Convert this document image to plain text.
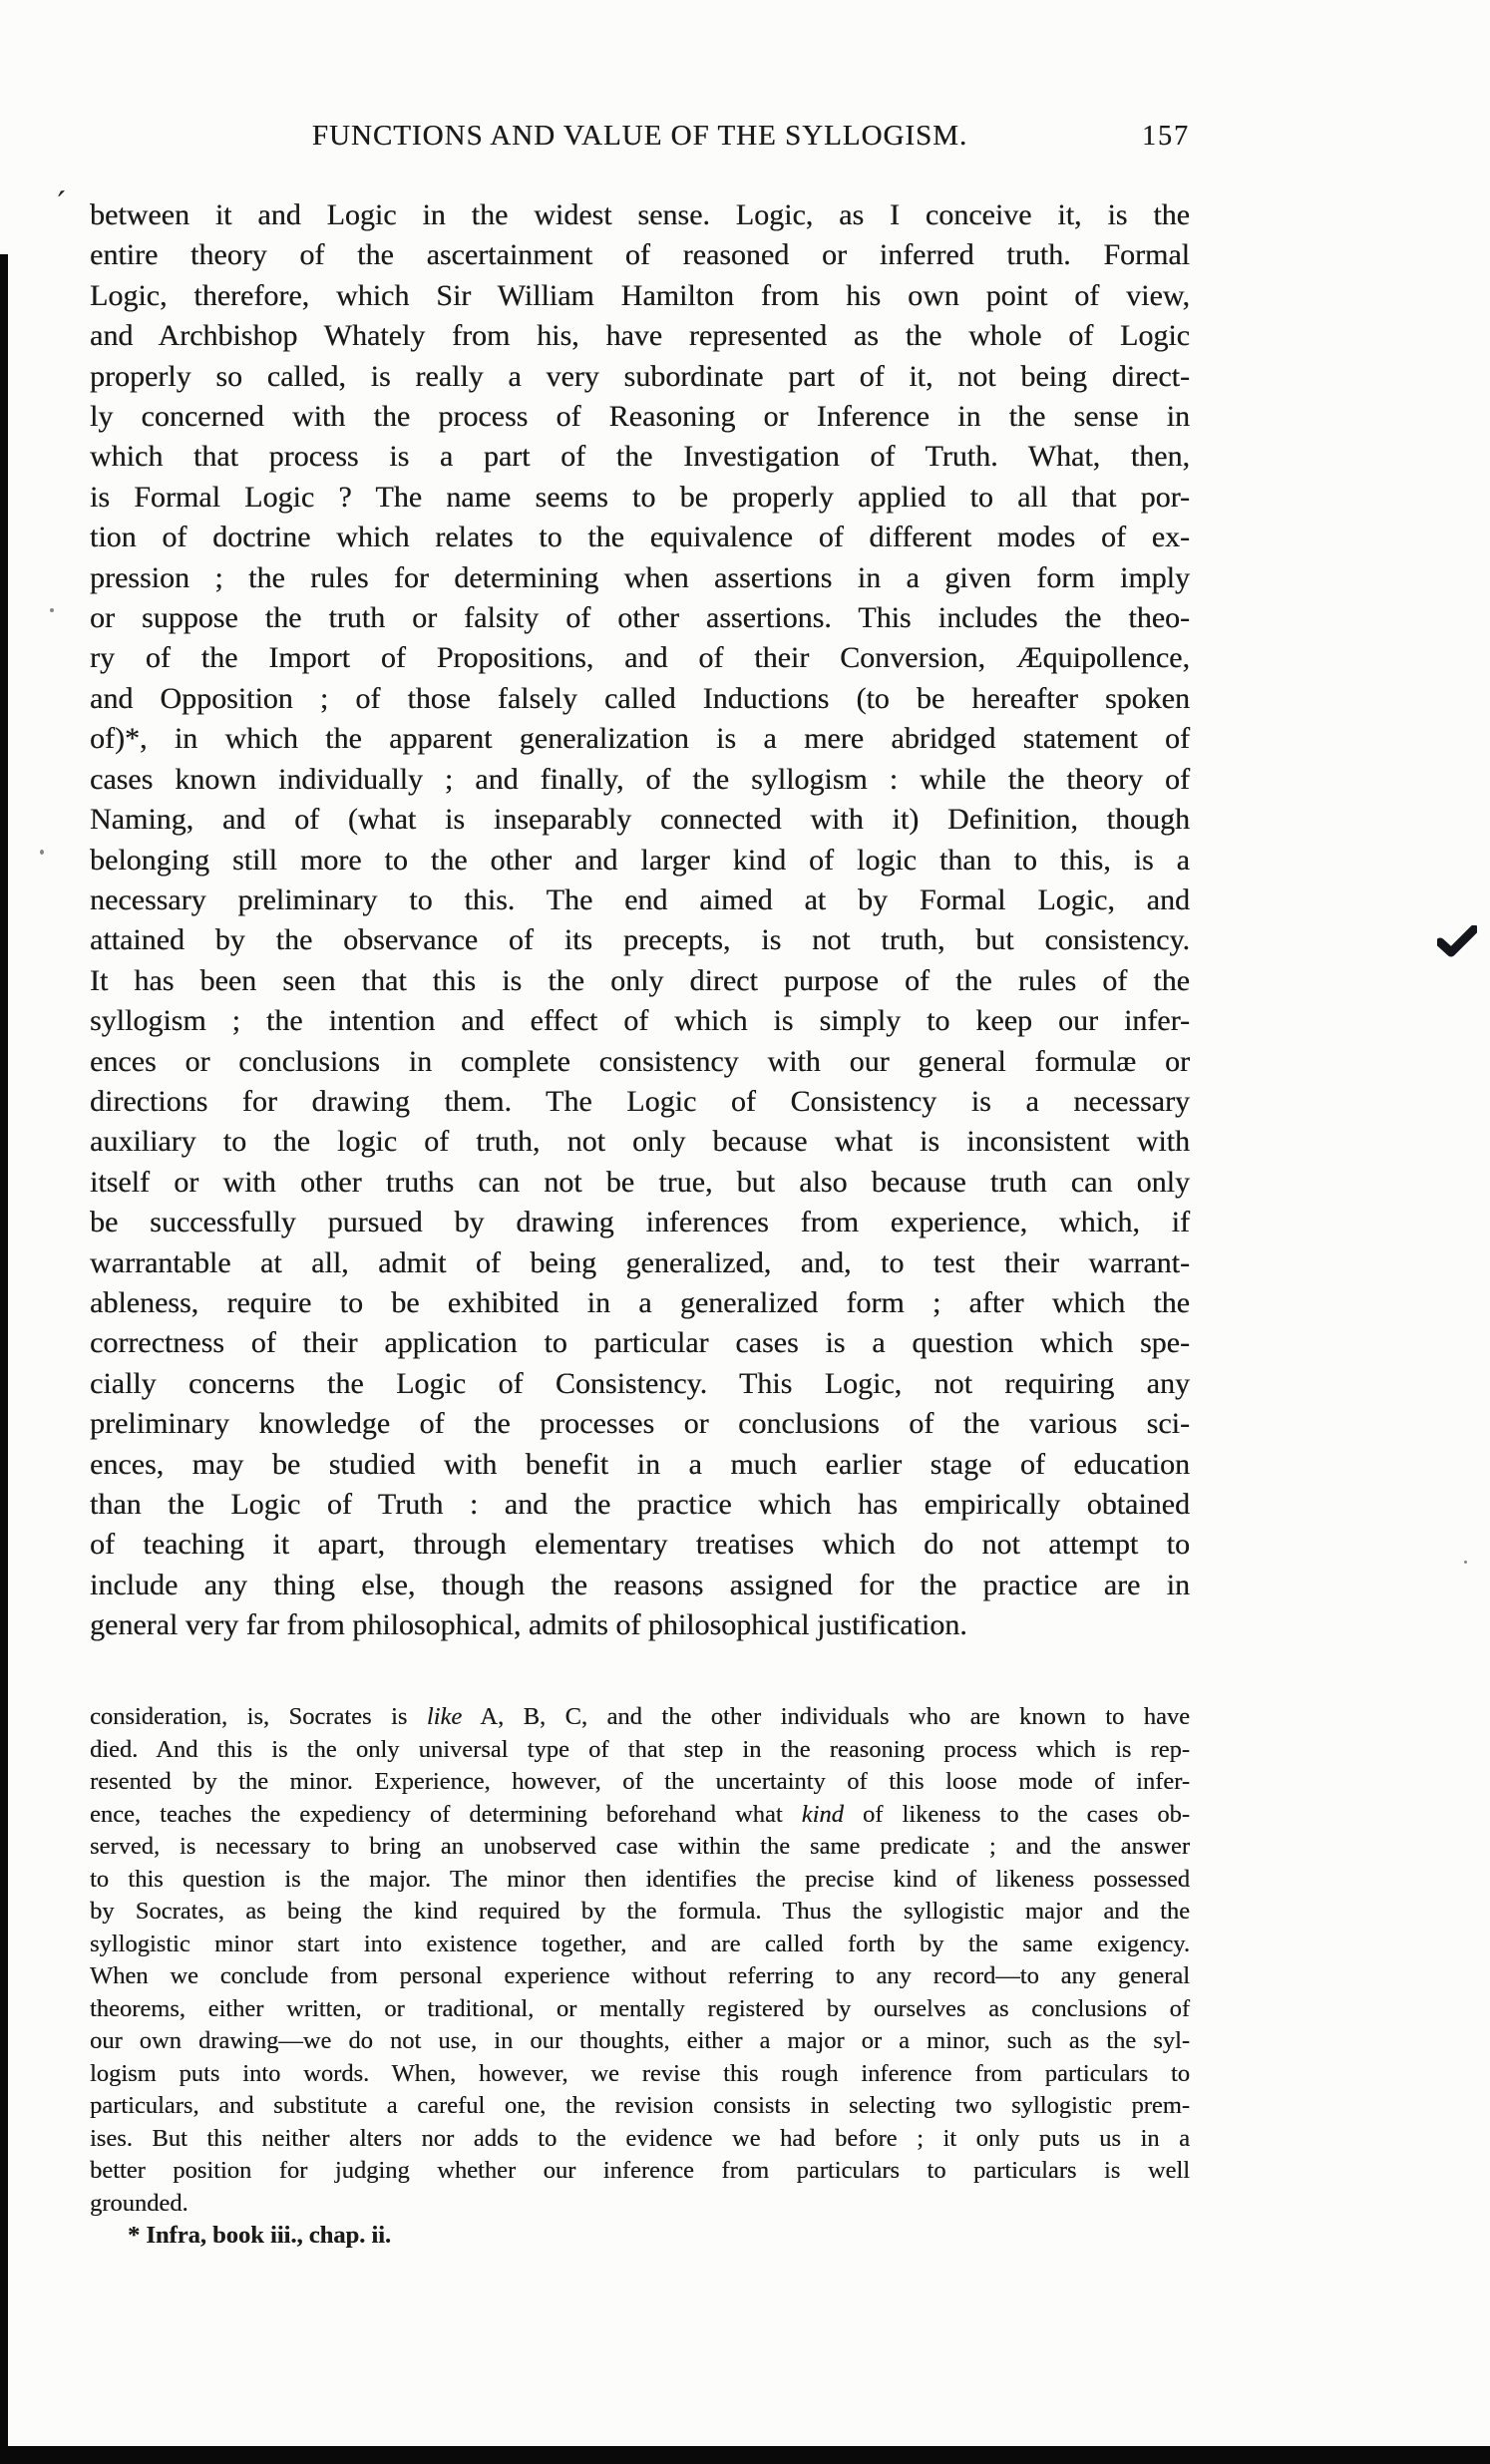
FUNCTIONS AND VALUE OF THE SYLLOGISM.	157
´ between it and Logic in the widest sense. Logic, as I conceive it, is the
entire theory of the ascertainment of reasoned or inferred truth. Formal
Logic, therefore, which Sir William Hamilton from his own point of view,
and Archbishop Whately from his, have represented as the whole of Logic
properly so called, is really a very subordinate part of it, not being direct-
ly concerned with the process of Reasoning or Inference in the sense in
which that process is a part of the Investigation of Truth. What, then,
is Formal Logic ? The name seems to be properly applied to all that por-
tion of doctrine which relates to the equivalence of different modes of ex-
pression ; the rules for determining when assertions in a given form imply
or suppose the truth or falsity of other assertions. This includes the theo-
ry of the Import of Propositions, and of their Conversion, Æquipollence,
and Opposition ; of those falsely called Inductions (to be hereafter spoken
of)*, in which the apparent generalization is a mere abridged statement of
cases known individually ; and finally, of the syllogism : while the theory of
Naming, and of (what is inseparably connected with it) Definition, though
belonging still more to the other and larger kind of logic than to this, is a
necessary preliminary to this. The end aimed at by Formal Logic, and
attained by the observance of its precepts, is not truth, but consistency.
It has been seen that this is the only direct purpose of the rules of the
syllogism ; the intention and effect of which is simply to keep our infer-
ences or conclusions in complete consistency with our general formulæ or
directions for drawing them. The Logic of Consistency is a necessary
auxiliary to the logic of truth, not only because what is inconsistent with
itself or with other truths can not be true, but also because truth can only
be successfully pursued by drawing inferences from experience, which, if
warrantable at all, admit of being generalized, and, to test their warrant-
ableness, require to be exhibited in a generalized form ; after which the
correctness of their application to particular cases is a question which spe-
cially concerns the Logic of Consistency. This Logic, not requiring any
preliminary knowledge of the processes or conclusions of the various sci-
ences, may be studied with benefit in a much earlier stage of education
than the Logic of Truth : and the practice which has empirically obtained
of teaching it apart, through elementary treatises which do not attempt to
include any thing else, though the reasons assigned for the practice are in
general very far from philosophical, admits of philosophical justification.
consideration, is, Socrates is like A, B, C, and the other individuals who are known to have
died. And this is the only universal type of that step in the reasoning process which is rep-
resented by the minor. Experience, however, of the uncertainty of this loose mode of infer-
ence, teaches the expediency of determining beforehand what kind of likeness to the cases ob-
served, is necessary to bring an unobserved case within the same predicate ; and the answer
to this question is the major. The minor then identifies the precise kind of likeness possessed
by Socrates, as being the kind required by the formula. Thus the syllogistic major and the
syllogistic minor start into existence together, and are called forth by the same exigency.
When we conclude from personal experience without referring to any record—to any general
theorems, either written, or traditional, or mentally registered by ourselves as conclusions of
our own drawing—we do not use, in our thoughts, either a major or a minor, such as the syl-
logism puts into words. When, however, we revise this rough inference from particulars to
particulars, and substitute a careful one, the revision consists in selecting two syllogistic prem-
ises. But this neither alters nor adds to the evidence we had before ; it only puts us in a
better position for judging whether our inference from particulars to particulars is well
grounded.
* Infra, book iii., chap. ii.
